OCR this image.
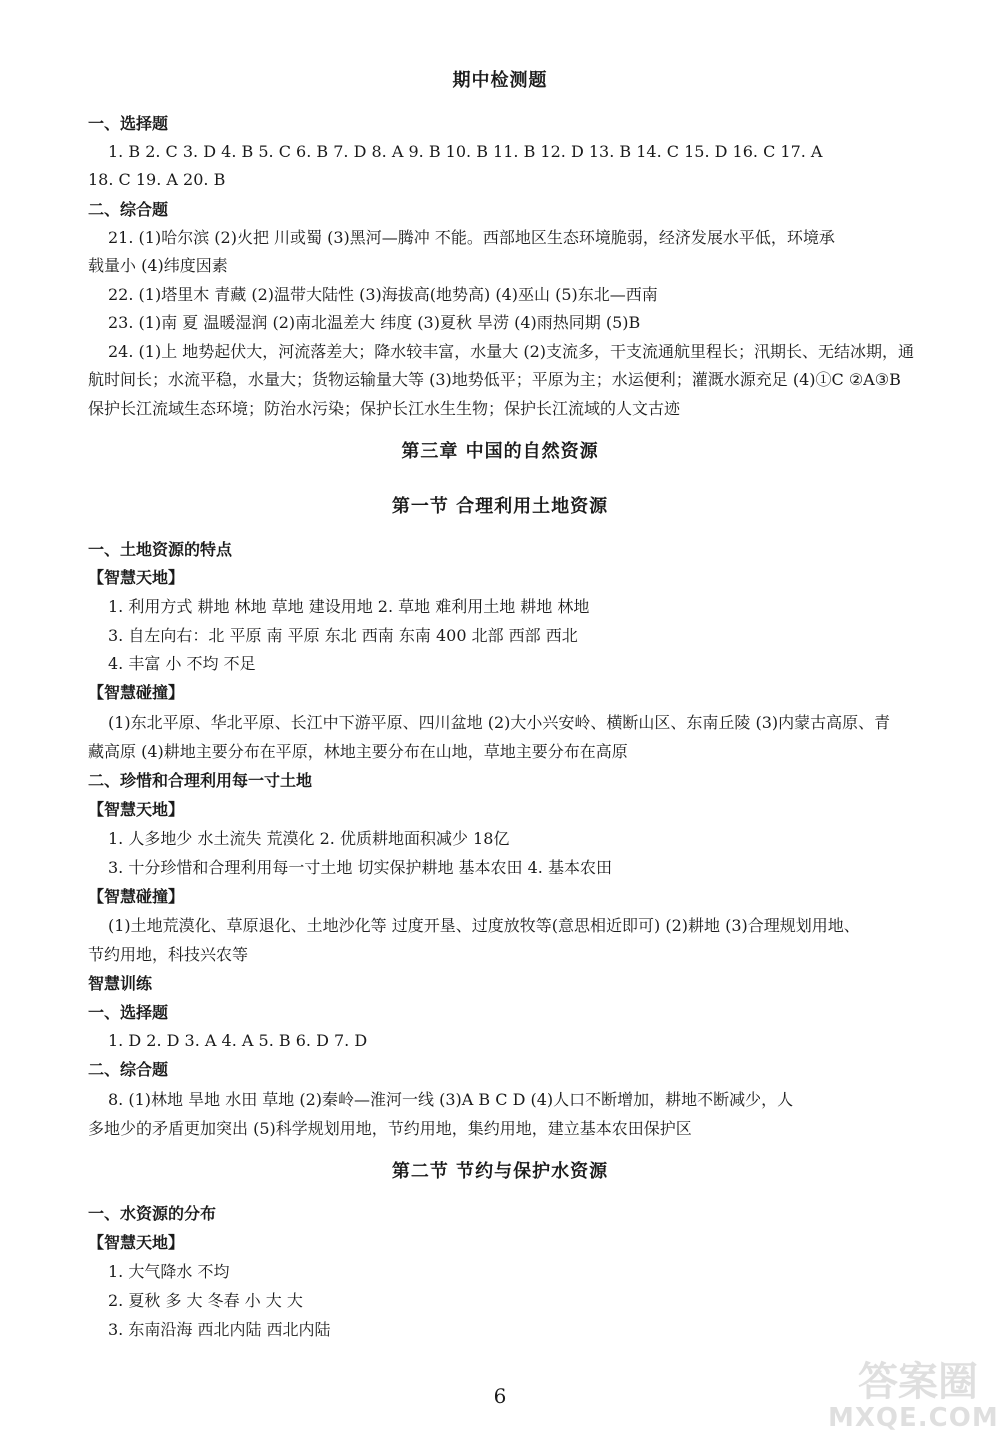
期中检测题
一、选择题
1. B 2. C 3. D 4. B 5. C 6. B 7. D 8. A 9. B 10. B 11. B 12. D 13. B 14. C 15. D 16. C 17. A
18. C 19. A 20. B
二、综合题
21. (1)哈尔滨 (2)火把 川或蜀 (3)黑河—腾冲 不能。西部地区生态环境脆弱，经济发展水平低，环境承
载量小 (4)纬度因素
22. (1)塔里木 青藏 (2)温带大陆性 (3)海拔高(地势高) (4)巫山 (5)东北—西南
23. (1)南 夏 温暖湿润 (2)南北温差大 纬度 (3)夏秋 旱涝 (4)雨热同期 (5)B
24. (1)上 地势起伏大，河流落差大；降水较丰富，水量大 (2)支流多，干支流通航里程长；汛期长、无结冰期，通
航时间长；水流平稳，水量大；货物运输量大等 (3)地势低平；平原为主；水运便利；灌溉水源充足 (4)①C ②A③B
保护长江流域生态环境；防治水污染；保护长江水生生物；保护长江流域的人文古迹
第三章 中国的自然资源
第一节 合理利用土地资源
一、土地资源的特点
【智慧天地】
1. 利用方式 耕地 林地 草地 建设用地 2. 草地 难利用土地 耕地 林地
3. 自左向右：北 平原 南 平原 东北 西南 东南 400 北部 西部 西北
4. 丰富 小 不均 不足
【智慧碰撞】
(1)东北平原、华北平原、长江中下游平原、四川盆地 (2)大小兴安岭、横断山区、东南丘陵 (3)内蒙古高原、青
藏高原 (4)耕地主要分布在平原，林地主要分布在山地，草地主要分布在高原
二、珍惜和合理利用每一寸土地
【智慧天地】
1. 人多地少 水土流失 荒漠化 2. 优质耕地面积减少 18亿
3. 十分珍惜和合理利用每一寸土地 切实保护耕地 基本农田 4. 基本农田
【智慧碰撞】
(1)土地荒漠化、草原退化、土地沙化等 过度开垦、过度放牧等(意思相近即可) (2)耕地 (3)合理规划用地、
节约用地，科技兴农等
智慧训练
一、选择题
1. D 2. D 3. A 4. A 5. B 6. D 7. D
二、综合题
8. (1)林地 旱地 水田 草地 (2)秦岭—淮河一线 (3)A B C D (4)人口不断增加，耕地不断减少，人
多地少的矛盾更加突出 (5)科学规划用地，节约用地，集约用地，建立基本农田保护区
第二节 节约与保护水资源
一、水资源的分布
【智慧天地】
1. 大气降水 不均
2. 夏秋 多 大 冬春 小 大 大
3. 东南沿海 西北内陆 西北内陆
6	答案圈
MXQE.COM
